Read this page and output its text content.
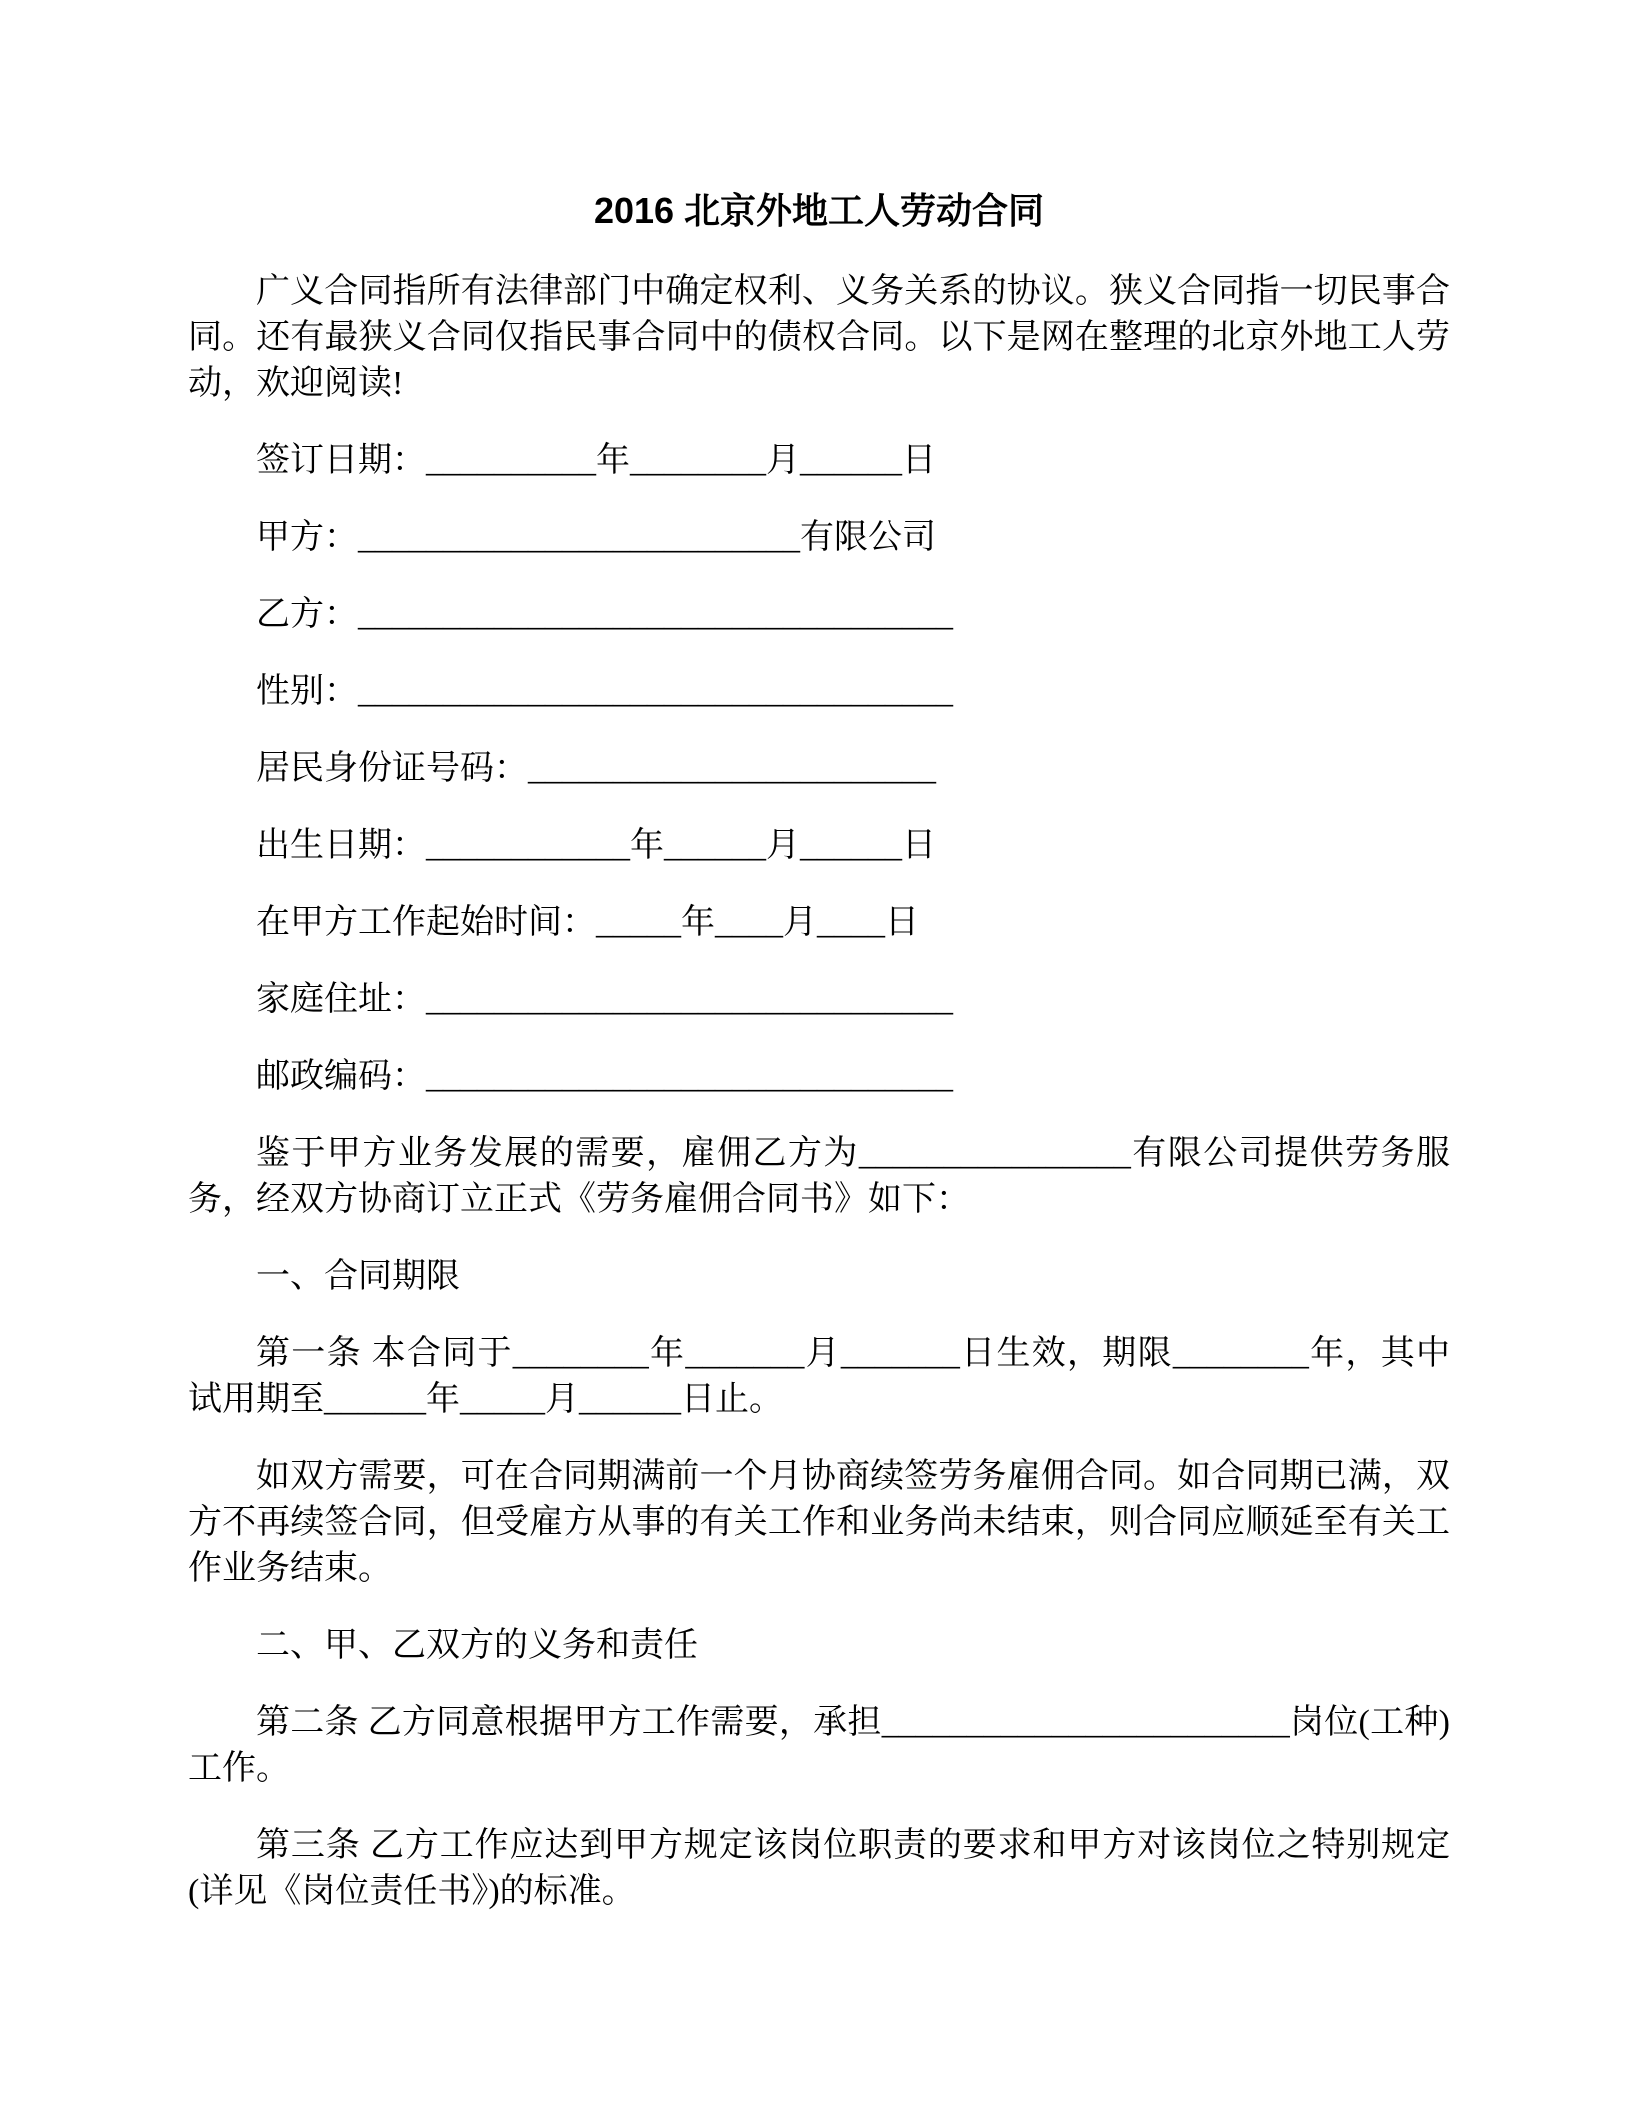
2016 北京外地工人劳动合同

广义合同指所有法律部门中确定权利、义务关系的协议。狭义合同指一切民事合同。还有最狭义合同仅指民事合同中的债权合同。以下是网在整理的北京外地工人劳动，欢迎阅读!

签订日期：__________年________月______日

甲方：__________________________有限公司

乙方：___________________________________

性别：___________________________________

居民身份证号码：________________________

出生日期：____________年______月______日

在甲方工作起始时间：_____年____月____日

家庭住址：_______________________________

邮政编码：_______________________________

鉴于甲方业务发展的需要，雇佣乙方为________________有限公司提供劳务服务，经双方协商订立正式《劳务雇佣合同书》如下：

一、合同期限

第一条 本合同于________年_______月_______日生效，期限________年，其中试用期至______年_____月______日止。

如双方需要，可在合同期满前一个月协商续签劳务雇佣合同。如合同期已满，双方不再续签合同，但受雇方从事的有关工作和业务尚未结束，则合同应顺延至有关工作业务结束。

二、甲、乙双方的义务和责任

第二条 乙方同意根据甲方工作需要，承担________________________岗位(工种)工作。

第三条 乙方工作应达到甲方规定该岗位职责的要求和甲方对该岗位之特别规定(详见《岗位责任书》)的标准。
